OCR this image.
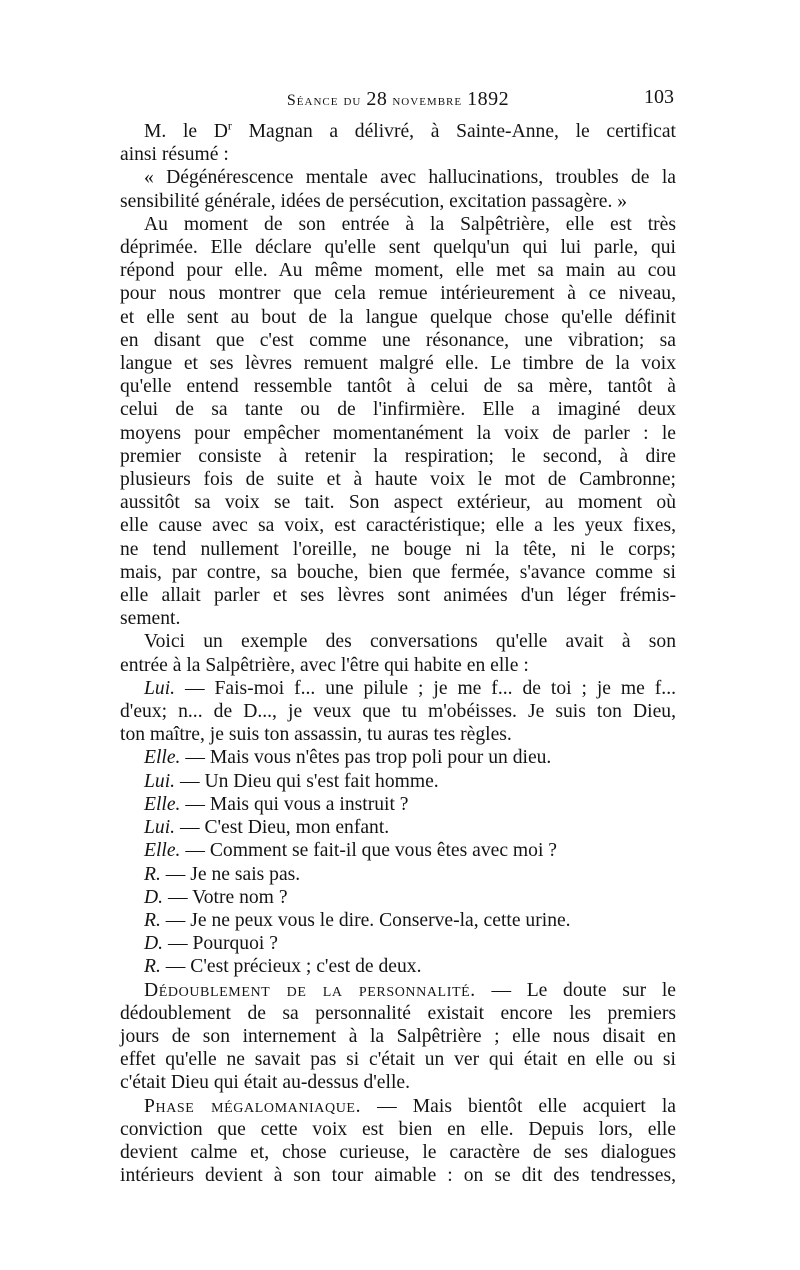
Séance du 28 novembre 1892	103

M. le $D^r$ Magnan a délivré, à Sainte-Anne, le certificat

ainsi résumé :

« Dégénérescence mentale avec hallucinations, troubles de la
sensibilité générale, idées de persécution, excitation passagère. »

Au moment de son entrée à la Salpêtrière, elle est très
déprimée. Elle déclare qu'elle sent quelqu'un qui lui parle, qui
répond pour elle. Au même moment, elle met sa main au cou
pour nous montrer que cela remue intérieurement à ce niveau,
et elle sent au bout de la langue quelque chose qu'elle définit
en disant que c'est comme une résonance, une vibration; sa
langue et ses lèvres remuent malgré elle. Le timbre de la voix
qu'elle entend ressemble tantôt à celui de sa mère, tantôt à
celui de sa tante ou de l'infirmière. Elle a imaginé deux
moyens pour empêcher momentanément la voix de parler : le
premier consiste à retenir la respiration; le second, à dire
plusieurs fois de suite et à haute voix le mot de Cambronne;
aussitôt sa voix se tait. Son aspect extérieur, au moment où
elle cause avec sa voix, est caractéristique; elle a les yeux fixes,
ne tend nullement l'oreille, ne bouge ni la tête, ni le corps;
mais, par contre, sa bouche, bien que fermée, s'avance comme si
elle allait parler et ses lèvres sont animées d'un léger frémis-
sement.

Voici un exemple des conversations qu'elle avait à son
entrée à la Salpêtrière, avec l'être qui habite en elle :

Lui. — Fais-moi f... une pilule ; je me f... de toi ; je me f...
d'eux; n... de D..., je veux que tu m'obéisses. Je suis ton Dieu,
ton maître, je suis ton assassin, tu auras tes règles.
Elle. — Mais vous n'êtes pas trop poli pour un dieu.
Lui. — Un Dieu qui s'est fait homme.
Elle. — Mais qui vous a instruit ?
Lui. — C'est Dieu, mon enfant.
Elle. — Comment se fait-il que vous êtes avec moi ?
R. — Je ne sais pas.
D. — Votre nom ?
R. — Je ne peux vous le dire. Conserve-la, cette urine.
D. — Pourquoi ?
R. — C'est précieux ; c'est de deux.

Dédoublement de la personnalité. — Le doute sur le
dédoublement de sa personnalité existait encore les premiers
jours de son internement à la Salpêtrière ; elle nous disait en
effet qu'elle ne savait pas si c'était un ver qui était en elle ou si
c'était Dieu qui était au-dessus d'elle.

Phase mégalomaniaque. — Mais bientôt elle acquiert la
conviction que cette voix est bien en elle. Depuis lors, elle
devient calme et, chose curieuse, le caractère de ses dialogues
intérieurs devient à son tour aimable : on se dit des tendresses,
